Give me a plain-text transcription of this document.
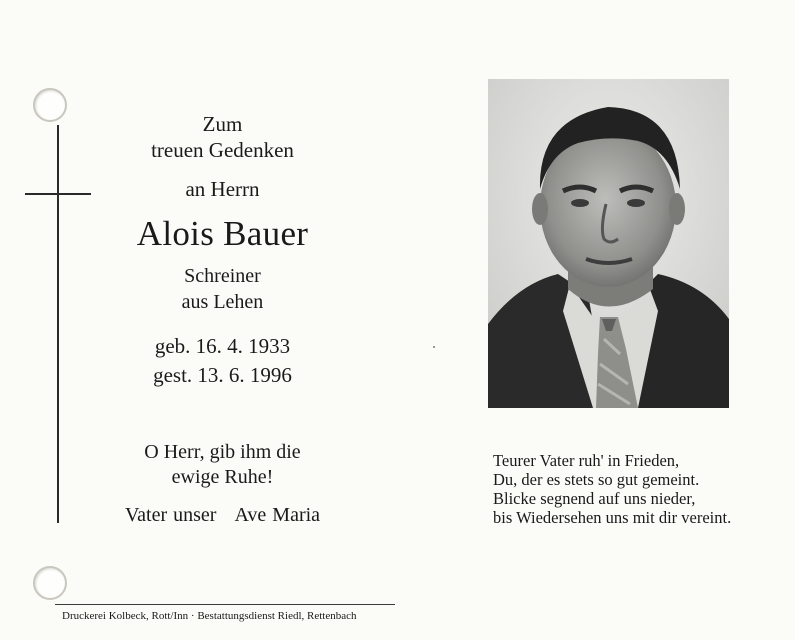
Zum
treuen Gedenken
an Herrn
Alois Bauer
Schreiner
aus Lehen
geb. 16. 4. 1933
gest. 13. 6. 1996
O Herr, gib ihm die
ewige Ruhe!
Vater unser Ave Maria
Druckerei Kolbeck, Rott/Inn · Bestattungsdienst Riedl, Rettenbach
Teurer Vater ruh' in Frieden,
Du, der es stets so gut gemeint.
Blicke segnend auf uns nieder,
bis Wiedersehen uns mit dir vereint.
